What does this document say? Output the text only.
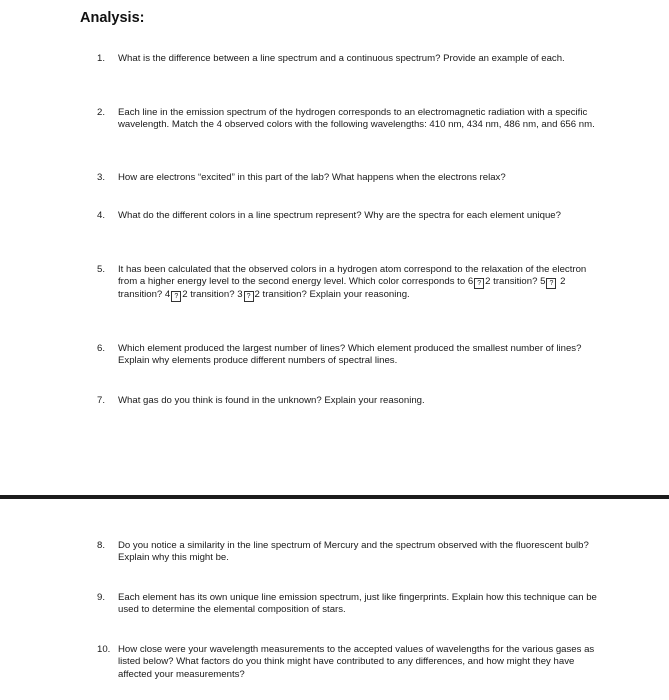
Analysis:
1.	What is the difference between a line spectrum and a continuous spectrum? Provide an example of each.
2.	Each line in the emission spectrum of the hydrogen corresponds to an electromagnetic radiation with a specific wavelength. Match the 4 observed colors with the following wavelengths: 410 nm, 434 nm, 486 nm, and 656 nm.
3.	How are electrons “excited” in this part of the lab? What happens when the electrons relax?
4.	What do the different colors in a line spectrum represent? Why are the spectra for each element unique?
5.	It has been calculated that the observed colors in a hydrogen atom correspond to the relaxation of the electron from a higher energy level to the second energy level. Which color corresponds to 6 ? 2 transition? 5 ? 2 transition? 4 ? 2 transition? 3 ? 2 transition? Explain your reasoning.
6.	Which element produced the largest number of lines? Which element produced the smallest number of lines? Explain why elements produce different numbers of spectral lines.
7.	What gas do you think is found in the unknown? Explain your reasoning.
8.	Do you notice a similarity in the line spectrum of Mercury and the spectrum observed with the fluorescent bulb? Explain why this might be.
9.	Each element has its own unique line emission spectrum, just like fingerprints. Explain how this technique can be used to determine the elemental composition of stars.
10. How close were your wavelength measurements to the accepted values of wavelengths for the various gases as listed below? What factors do you think might have contributed to any differences, and how might they have affected your measurements?
